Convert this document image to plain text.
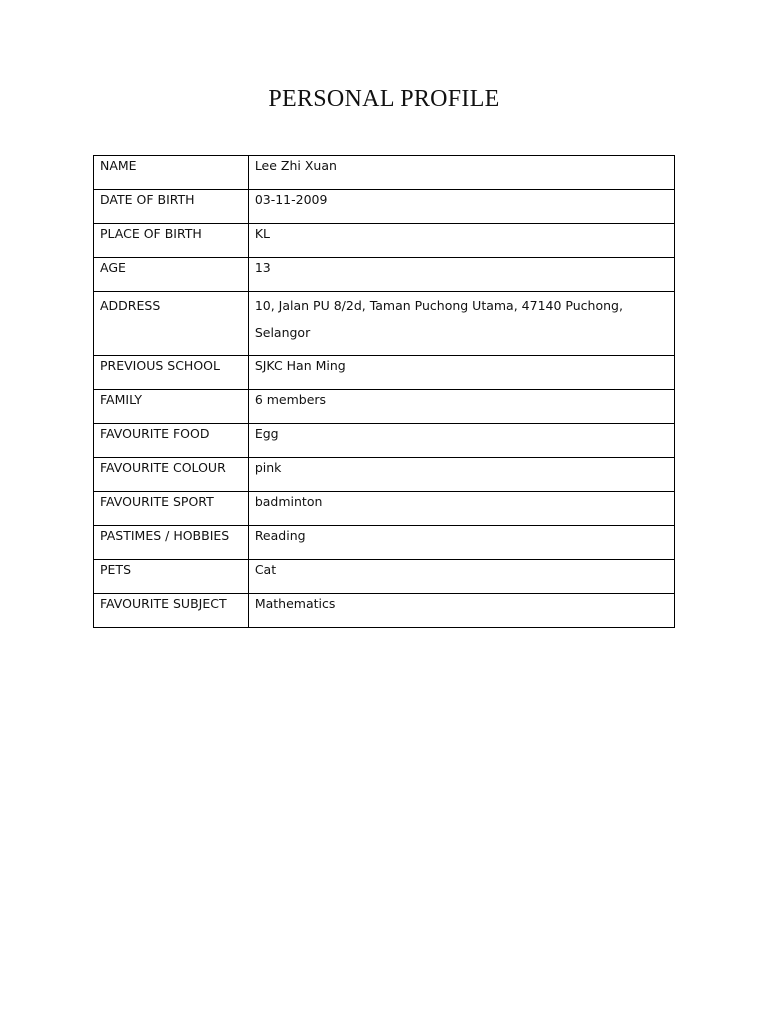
PERSONAL PROFILE
NAME	Lee Zhi Xuan

DATE OF BIRTH	03-11-2009

PLACE OF BIRTH	KL

AGE	13

ADDRESS	10, Jalan PU 8/2d, Taman Puchong Utama, 47140 Puchong, Selangor

PREVIOUS SCHOOL	SJKC Han Ming

FAMILY	6 members

FAVOURITE FOOD	Egg

FAVOURITE COLOUR	pink

FAVOURITE SPORT	badminton

PASTIMES / HOBBIES	Reading

PETS	Cat

FAVOURITE SUBJECT	Mathematics
